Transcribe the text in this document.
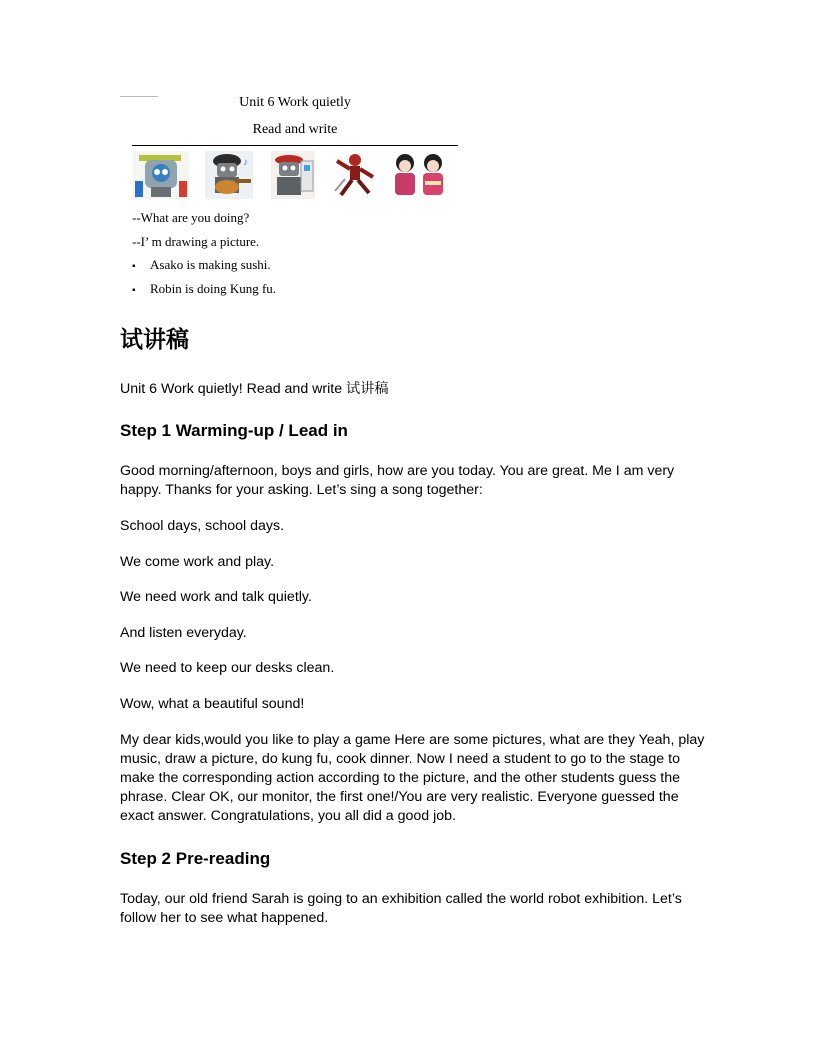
Unit 6 Work quietly
Read and write
♪
--What are you doing?
--I’ m drawing a picture.
▪ Asako is making sushi.
▪ Robin is doing Kung fu.
试讲稿
Unit 6 Work quietly! Read and write 试讲稿
Step 1 Warming-up / Lead in
Good morning/afternoon, boys and girls, how are you today. You are great. Me I am very happy. Thanks for your asking. Let’s sing a song together:
School days, school days.
We come work and play.
We need work and talk quietly.
And listen everyday.
We need to keep our desks clean.
Wow, what a beautiful sound!
My dear kids,would you like to play a game Here are some pictures, what are they Yeah, play music, draw a picture, do kung fu, cook dinner. Now I need a student to go to the stage to make the corresponding action according to the picture, and the other students guess the phrase. Clear OK, our monitor, the first one!/You are very realistic. Everyone guessed the exact answer. Congratulations, you all did a good job.
Step 2 Pre-reading
Today, our old friend Sarah is going to an exhibition called the world robot exhibition. Let’s follow her to see what happened.
